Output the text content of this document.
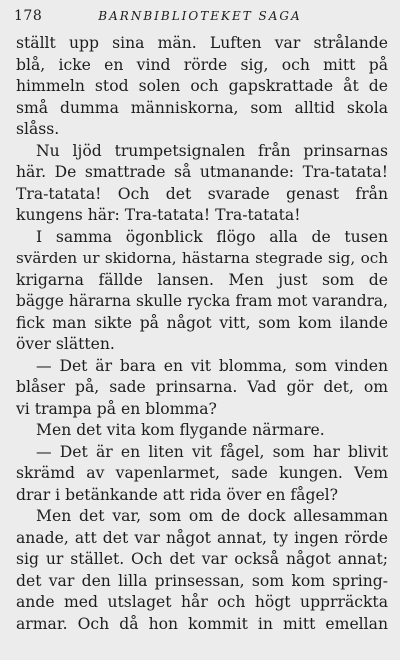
178	BARNBIBLIOTEKET SAGA
ställt upp sina män. Luften var strålande
blå, icke en vind rörde sig, och mitt på
himmeln stod solen och gapskrattade åt de
små dumma människorna, som alltid skola
slåss.
Nu ljöd trumpetsignalen från prinsarnas
här. De smattrade så utmanande: Tra-tatata!
Tra-tatata! Och det svarade genast från
kungens här: Tra-tatata! Tra-tatata!
I samma ögonblick flögo alla de tusen
svärden ur skidorna, hästarna stegrade sig, och
krigarna fällde lansen. Men just som de
bägge härarna skulle rycka fram mot varandra,
fick man sikte på något vitt, som kom ilande
över slätten.
— Det är bara en vit blomma, som vinden
blåser på, sade prinsarna. Vad gör det, om
vi trampa på en blomma?
Men det vita kom flygande närmare.
— Det är en liten vit fågel, som har blivit
skrämd av vapenlarmet, sade kungen. Vem
drar i betänkande att rida över en fågel?
Men det var, som om de dock allesamman
anade, att det var något annat, ty ingen rörde
sig ur stället. Och det var också något annat;
det var den lilla prinsessan, som kom spring-
ande med utslaget hår och högt upprräckta
armar. Och då hon kommit in mitt emellan
